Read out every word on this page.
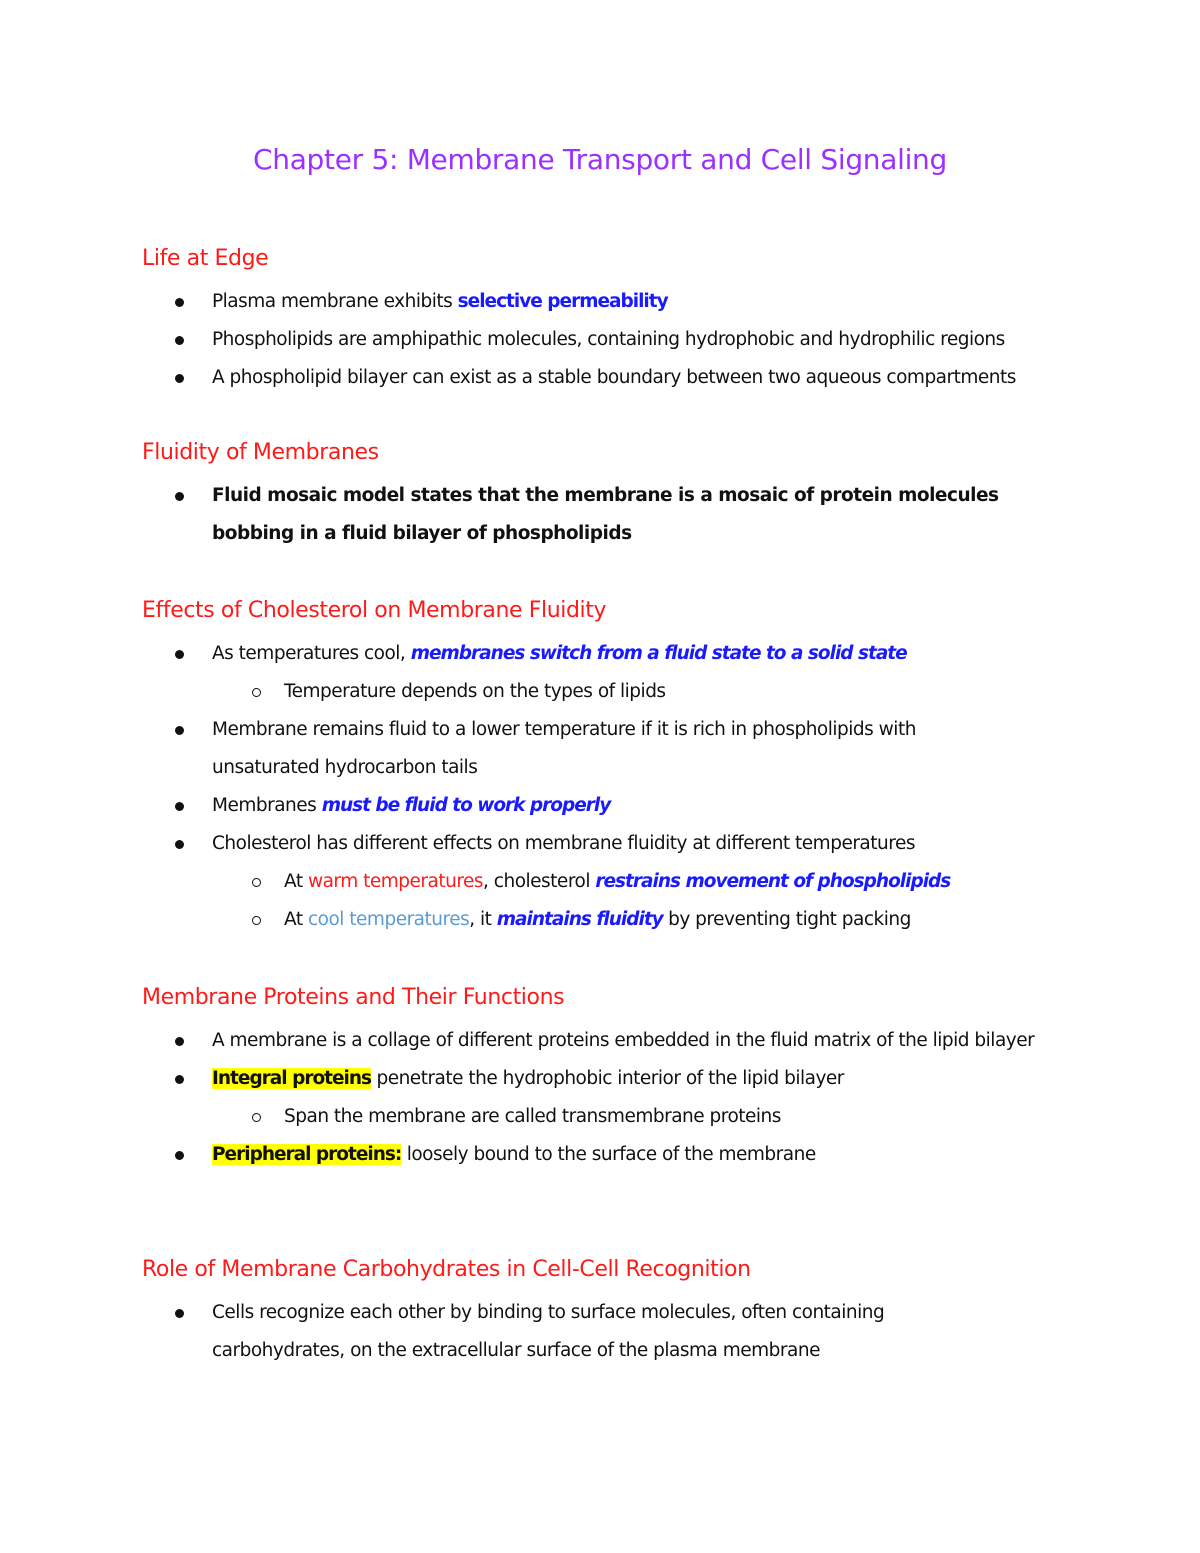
Chapter 5: Membrane Transport and Cell Signaling
Life at Edge
Plasma membrane exhibits selective permeability
Phospholipids are amphipathic molecules, containing hydrophobic and hydrophilic regions
A phospholipid bilayer can exist as a stable boundary between two aqueous compartments
Fluidity of Membranes
Fluid mosaic model states that the membrane is a mosaic of protein molecules bobbing in a fluid bilayer of phospholipids
Effects of Cholesterol on Membrane Fluidity
As temperatures cool, membranes switch from a fluid state to a solid state
Temperature depends on the types of lipids
Membrane remains fluid to a lower temperature if it is rich in phospholipids with unsaturated hydrocarbon tails
Membranes must be fluid to work properly
Cholesterol has different effects on membrane fluidity at different temperatures
At warm temperatures, cholesterol restrains movement of phospholipids
At cool temperatures, it maintains fluidity by preventing tight packing
Membrane Proteins and Their Functions
A membrane is a collage of different proteins embedded in the fluid matrix of the lipid bilayer
Integral proteins penetrate the hydrophobic interior of the lipid bilayer
Span the membrane are called transmembrane proteins
Peripheral proteins: loosely bound to the surface of the membrane
Role of Membrane Carbohydrates in Cell-Cell Recognition
Cells recognize each other by binding to surface molecules, often containing carbohydrates, on the extracellular surface of the plasma membrane
